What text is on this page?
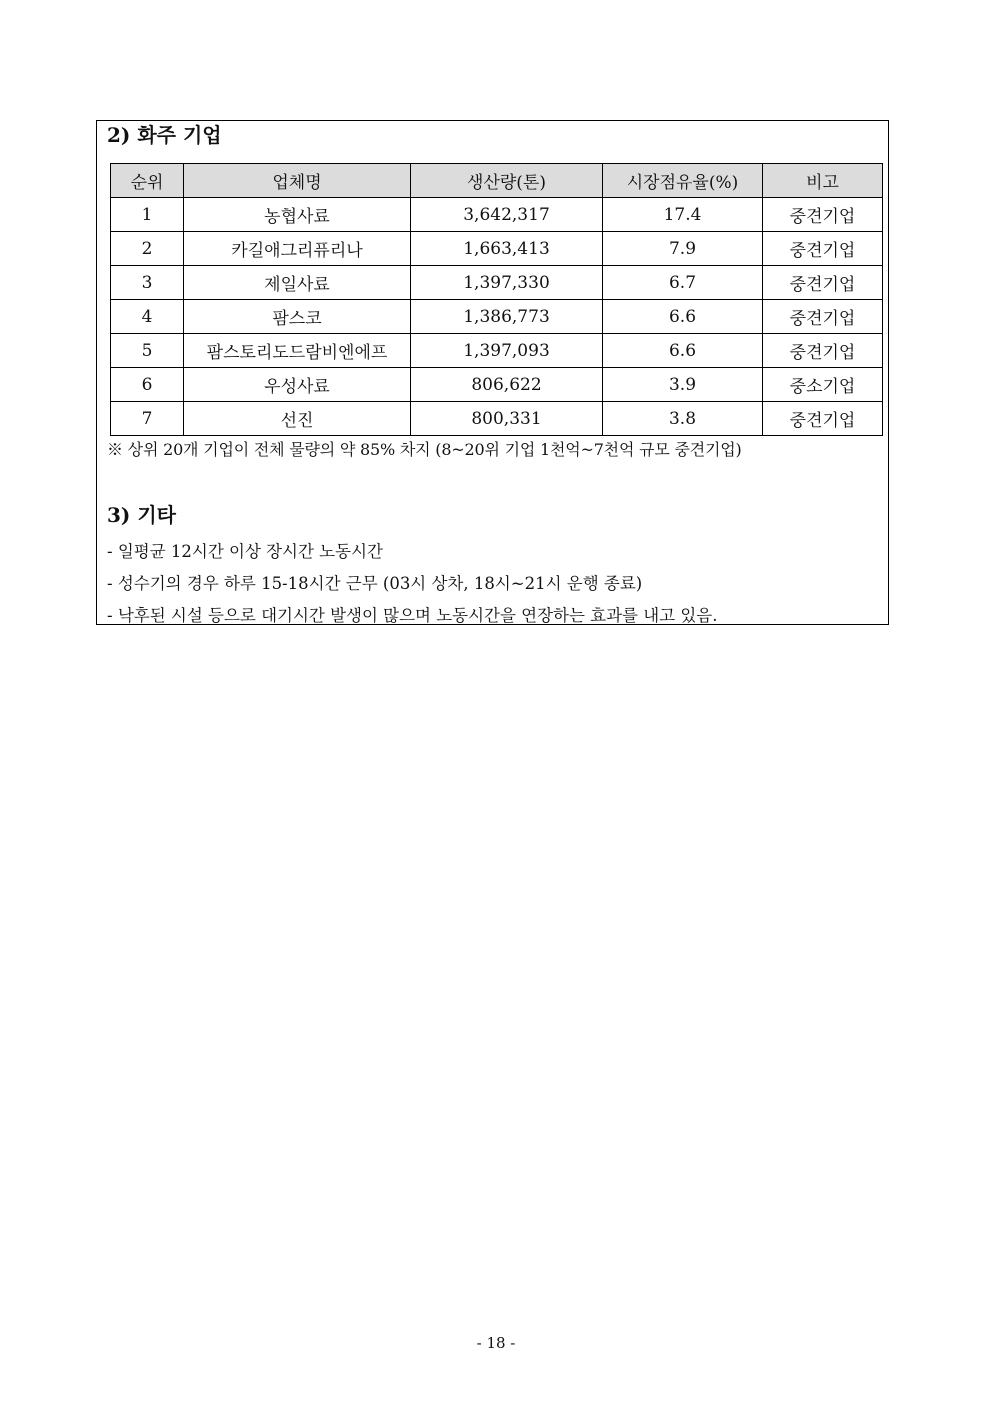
2) 화주 기업
순위	업체명	생산량(톤)	시장점유율(%)	비고
1	농협사료	3,642,317	17.4	중견기업
2	카길애그리퓨리나	1,663,413	7.9	중견기업
3	제일사료	1,397,330	6.7	중견기업
4	팜스코	1,386,773	6.6	중견기업
5	팜스토리도드람비엔에프	1,397,093	6.6	중견기업
6	우성사료	806,622	3.9	중소기업
7	선진	800,331	3.8	중견기업

※ 상위 20개 기업이 전체 물량의 약 85% 차지 (8~20위 기업 1천억~7천억 규모 중견기업)

3) 기타
- 일평균 12시간 이상 장시간 노동시간
- 성수기의 경우 하루 15-18시간 근무 (03시 상차, 18시~21시 운행 종료)
- 낙후된 시설 등으로 대기시간 발생이 많으며 노동시간을 연장하는 효과를 내고 있음.
- 18 -
